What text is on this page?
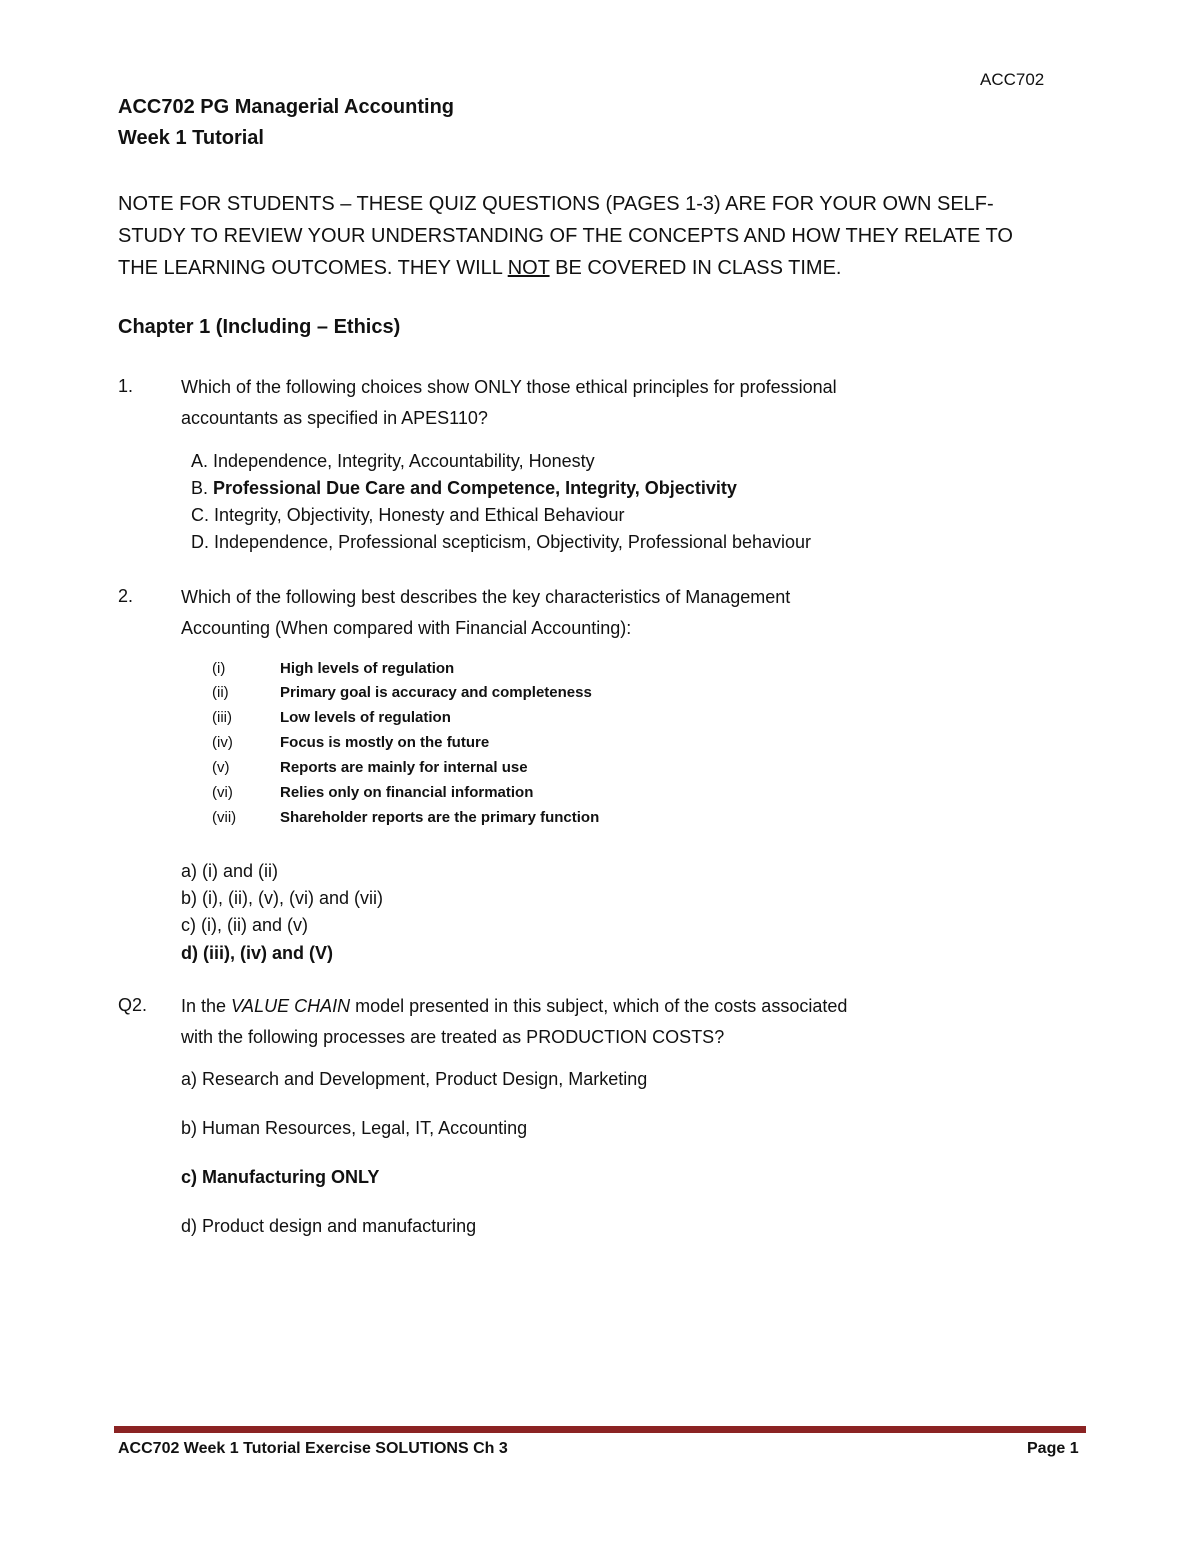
ACC702
ACC702 PG Managerial Accounting
Week 1 Tutorial
NOTE FOR STUDENTS – THESE QUIZ QUESTIONS (PAGES 1-3) ARE FOR YOUR OWN SELF-
STUDY TO REVIEW YOUR UNDERSTANDING OF THE CONCEPTS AND HOW THEY RELATE TO
THE LEARNING OUTCOMES. THEY WILL NOT BE COVERED IN CLASS TIME.
Chapter 1 (Including – Ethics)
1.	Which of the following choices show ONLY those ethical principles for professional
accountants as specified in APES110?
A. Independence, Integrity, Accountability, Honesty
B. Professional Due Care and Competence, Integrity, Objectivity
C. Integrity, Objectivity, Honesty and Ethical Behaviour
D. Independence, Professional scepticism, Objectivity, Professional behaviour
2.	Which of the following best describes the key characteristics of Management
Accounting (When compared with Financial Accounting):
(i)	High levels of regulation
(ii)	Primary goal is accuracy and completeness
(iii)	Low levels of regulation
(iv)	Focus is mostly on the future
(v)	Reports are mainly for internal use
(vi)	Relies only on financial information
(vii)	Shareholder reports are the primary function
a) (i) and (ii)
b) (i), (ii), (v), (vi) and (vii)
c) (i), (ii) and (v)
d) (iii), (iv) and (V)
Q2. In the VALUE CHAIN model presented in this subject, which of the costs associated
with the following processes are treated as PRODUCTION COSTS?
a) Research and Development, Product Design, Marketing
b) Human Resources, Legal, IT, Accounting
c) Manufacturing ONLY
d) Product design and manufacturing
ACC702 Week 1 Tutorial Exercise SOLUTIONS Ch 3	Page 1
